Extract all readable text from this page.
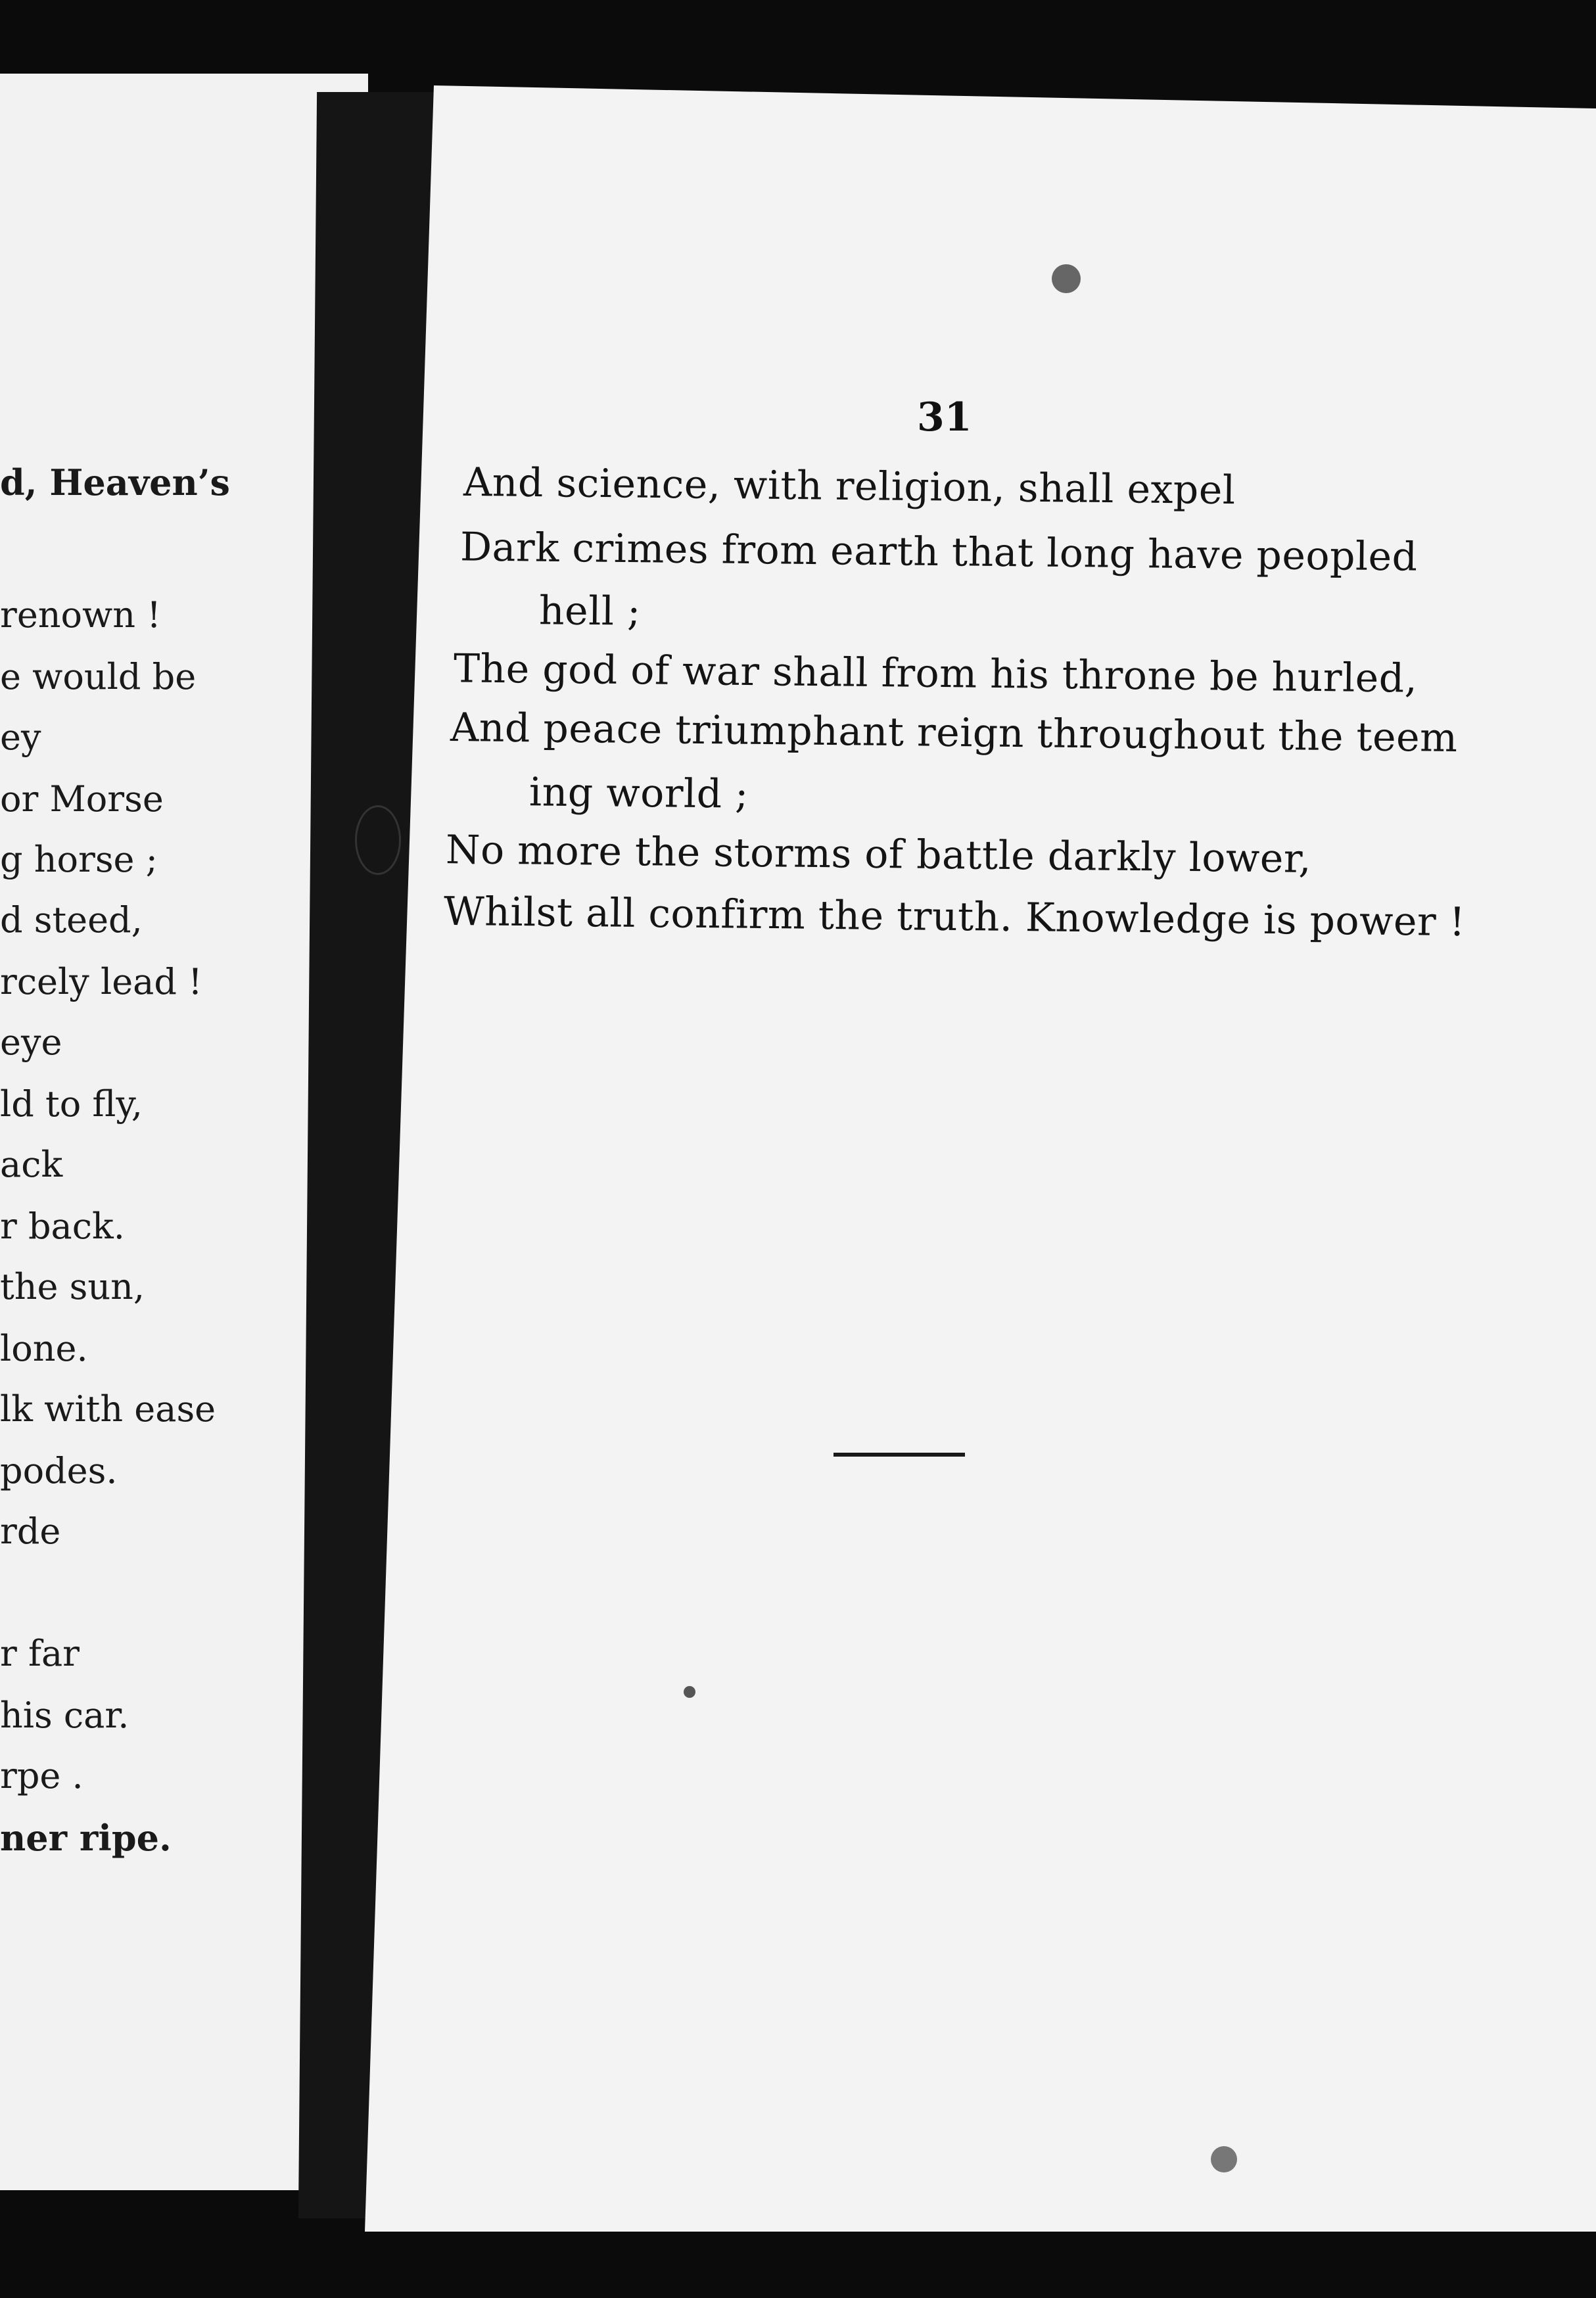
d, Heaven’s
renown !
e would be
ey
or Morse
g horse ;
d steed,
rcely lead !
eye
ld to fly,
ack
r back.
the sun,
lone.
lk with ease
podes.
rde
r far
his car.
rpe .
ner ripe.
31
And science, with religion, shall expel
Dark crimes from earth that long have peopled
hell ;
The god of war shall from his throne be hurled,
And peace triumphant reign throughout the teem
ing world ;
No more the storms of battle darkly lower,
Whilst all confirm the truth. Knowledge is power !
